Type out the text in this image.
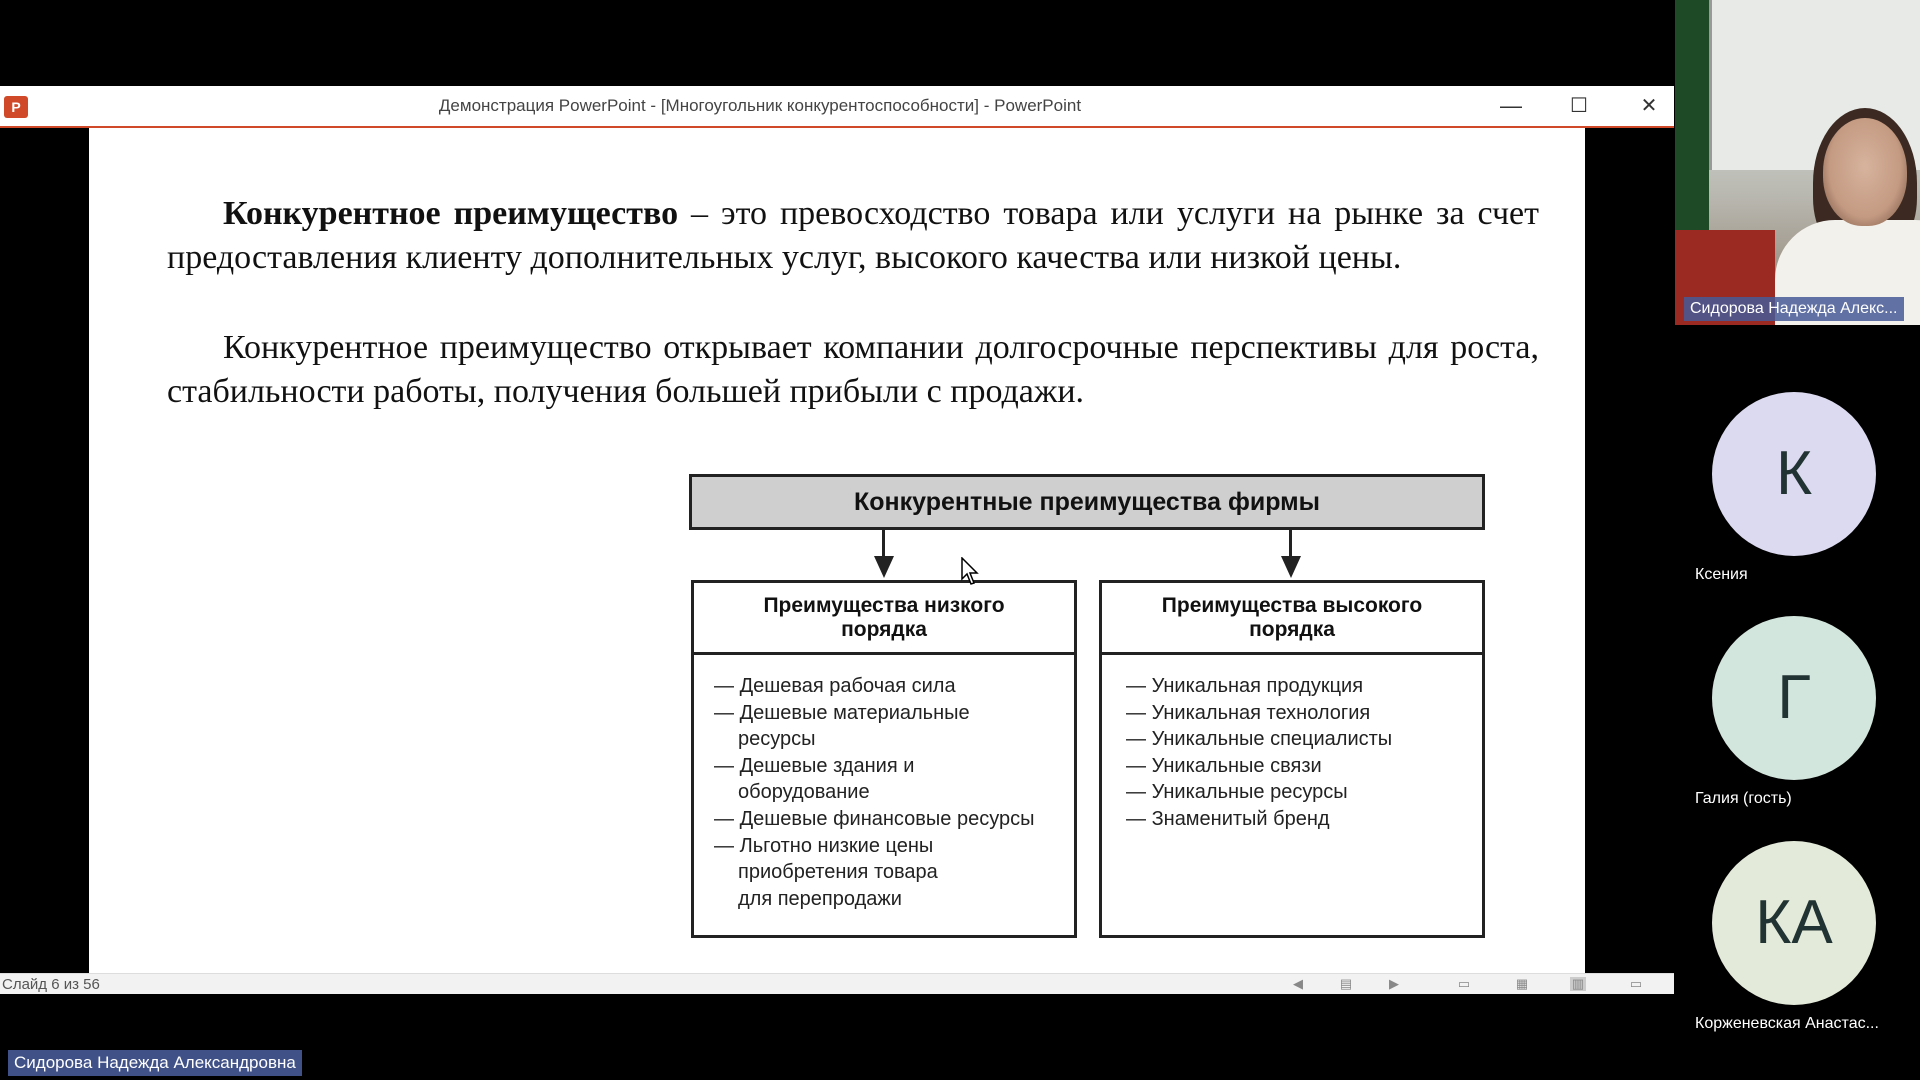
P	Демонстрация PowerPoint - [Многоугольник конкурентоспособности] - PowerPoint	—	☐	✕

Конкурентное преимущество – это превосходство товара или услуги на рынке за счет предоставления клиенту дополнительных услуг, высокого качества или низкой цены.

Конкурентное преимущество открывает компании долгосрочные перспективы для роста, стабильности работы, получения большей прибыли с продажи.

Конкурентные преимущества фирмы
Преимущества низкого порядка
— Дешевая рабочая сила
— Дешевые материальные ресурсы
— Дешевые здания и оборудование
— Дешевые финансовые ресурсы
— Льготно низкие цены приобретения товара для перепродажи
Преимущества высокого порядка
— Уникальная продукция
— Уникальная технология
— Уникальные специалисты
— Уникальные связи
— Уникальные ресурсы
— Знаменитый бренд
Слайд 6 из 56	◀	▤	▶	▭	▦	▥	▭
Сидорова Надежда Алекс...
К
Ксения
Г
Галия (гость)
КА
Корженевская Анастас...
Сидорова Надежда Александровна
